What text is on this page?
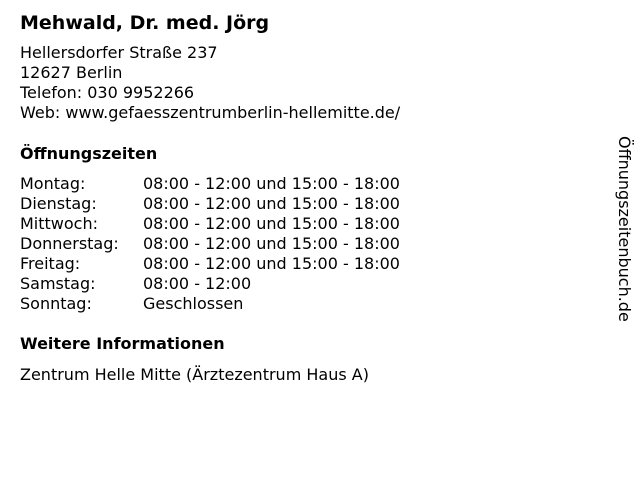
Mehwald, Dr. med. Jörg
Hellersdorfer Straße 237
12627 Berlin
Telefon: 030 9952266
Web: www.gefaesszentrumberlin-hellemitte.de/
Öffnungszeiten
Montag:	08:00 - 12:00 und 15:00 - 18:00
Dienstag:	08:00 - 12:00 und 15:00 - 18:00
Mittwoch:	08:00 - 12:00 und 15:00 - 18:00
Donnerstag:	08:00 - 12:00 und 15:00 - 18:00
Freitag:	08:00 - 12:00 und 15:00 - 18:00
Samstag:	08:00 - 12:00
Sonntag:	Geschlossen
Weitere Informationen
Zentrum Helle Mitte (Ärztezentrum Haus A)
Öffnungszeitenbuch.de
